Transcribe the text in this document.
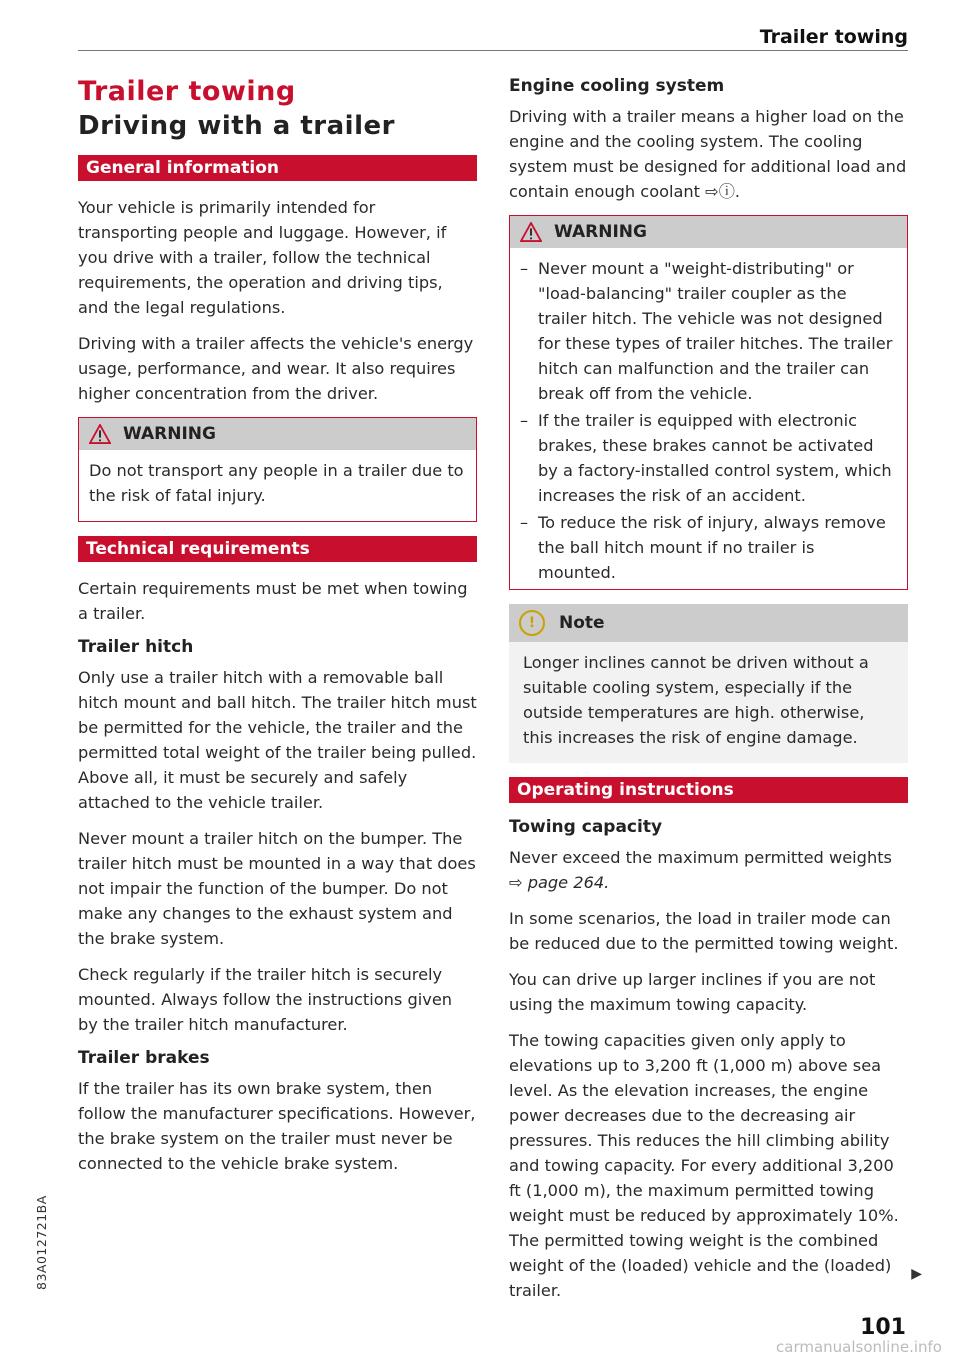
Trailer towing
Trailer towing
Driving with a trailer
General information

Your vehicle is primarily intended for transporting people and luggage. However, if you drive with a trailer, follow the technical requirements, the operation and driving tips, and the legal regulations.

Driving with a trailer affects the vehicle's energy usage, performance, and wear. It also requires higher concentration from the driver.

WARNING

Do not transport any people in a trailer due to the risk of fatal injury.

Technical requirements

Certain requirements must be met when towing a trailer.

Trailer hitch

Only use a trailer hitch with a removable ball hitch mount and ball hitch. The trailer hitch must be permitted for the vehicle, the trailer and the permitted total weight of the trailer being pulled. Above all, it must be securely and safely attached to the vehicle trailer.

Never mount a trailer hitch on the bumper. The trailer hitch must be mounted in a way that does not impair the function of the bumper. Do not make any changes to the exhaust system and the brake system.

Check regularly if the trailer hitch is securely mounted. Always follow the instructions given by the trailer hitch manufacturer.

Trailer brakes

If the trailer has its own brake system, then follow the manufacturer specifications. However, the brake system on the trailer must never be connected to the vehicle brake system.

Engine cooling system

Driving with a trailer means a higher load on the engine and the cooling system. The cooling system must be designed for additional load and contain enough coolant ⇨ⓘ.

WARNING
– Never mount a "weight-distributing" or "load-balancing" trailer coupler as the trailer hitch. The vehicle was not designed for these types of trailer hitches. The trailer hitch can malfunction and the trailer can break off from the vehicle.
– If the trailer is equipped with electronic brakes, these brakes cannot be activated by a factory-installed control system, which increases the risk of an accident.
– To reduce the risk of injury, always remove the ball hitch mount if no trailer is mounted.
!	Note

Longer inclines cannot be driven without a suitable cooling system, especially if the outside temperatures are high. otherwise, this increases the risk of engine damage.

Operating instructions
Towing capacity

Never exceed the maximum permitted weights
⇨ page 264.

In some scenarios, the load in trailer mode can be reduced due to the permitted towing weight.

You can drive up larger inclines if you are not using the maximum towing capacity.

The towing capacities given only apply to elevations up to 3,200 ft (1,000 m) above sea level. As the elevation increases, the engine power decreases due to the decreasing air pressures. This reduces the hill climbing ability and towing capacity. For every additional 3,200 ft (1,000 m), the maximum permitted towing weight must be reduced by approximately 10%. The permitted towing weight is the combined weight of the (loaded) vehicle and the (loaded) trailer.

▶
83A012721BA
101
carmanualsonline.info
